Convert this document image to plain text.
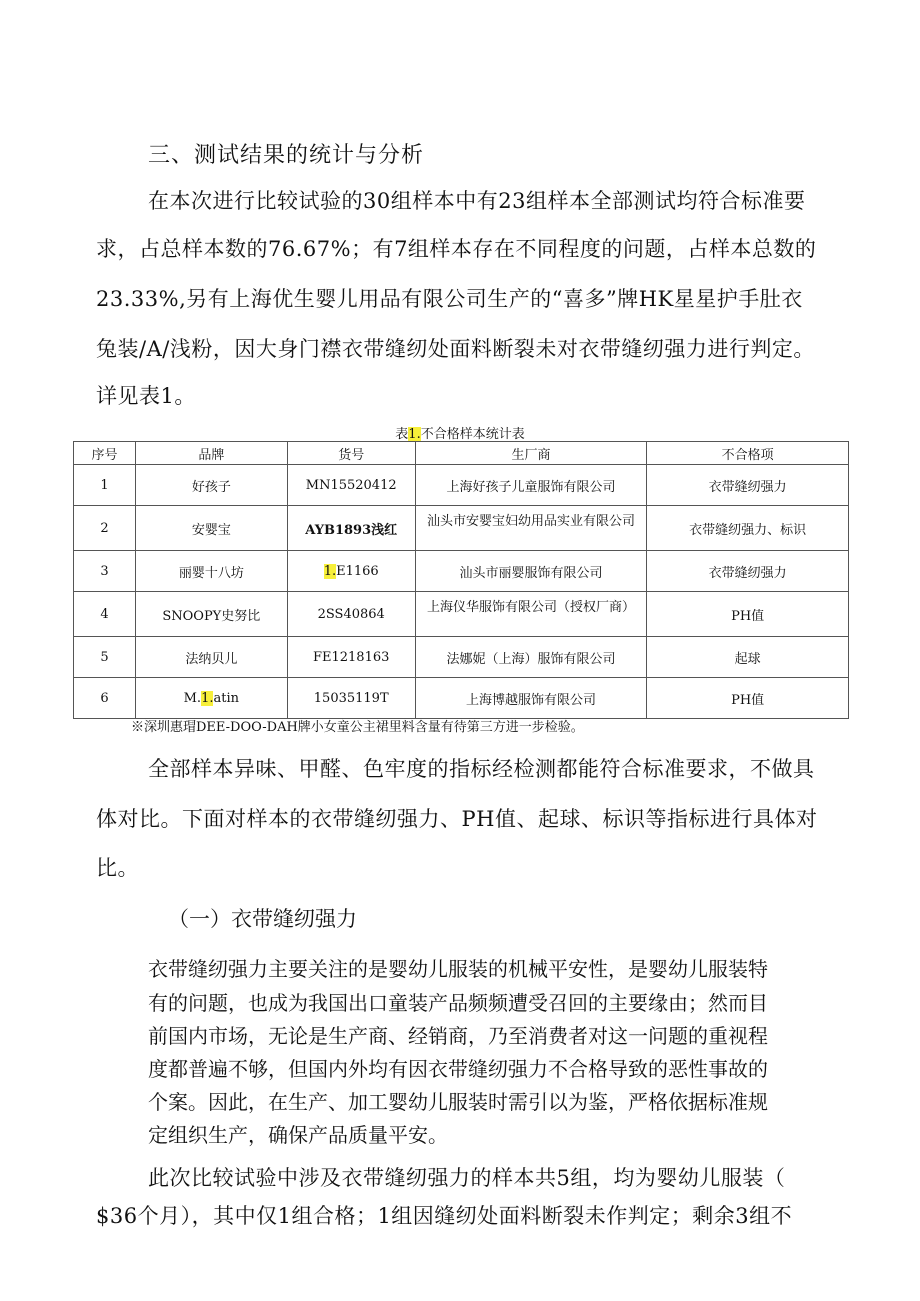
三、测试结果的统计与分析
在本次进行比较试验的30组样本中有23组样本全部测试均符合标准要
求，占总样本数的76.67%；有7组样本存在不同程度的问题，占样本总数的
23.33%,另有上海优生婴儿用品有限公司生产的“喜多”牌HK星星护手肚衣
兔装/A/浅粉，因大身门襟衣带缝纫处面料断裂未对衣带缝纫强力进行判定。
详见表1。
表1.不合格样本统计表
序号	品牌	货号	生厂商	不合格项
1	好孩子	MN15520412	上海好孩子儿童服饰有限公司	衣带缝纫强力
2	安婴宝	AYB1893浅红	汕头市安婴宝妇幼用品实业有限公司	衣带缝纫强力、标识
3	丽婴十八坊	1.E1166	汕头市丽婴服饰有限公司	衣带缝纫强力
4	SNOOPY史努比	2SS40864	上海仪华服饰有限公司（授权厂商）	PH值
5	法纳贝儿	FE1218163	法娜妮（上海）服饰有限公司	起球
6	M.1.atin	15035119T	上海博越服饰有限公司	PH值
※深圳惠瑁DEE-DOO-DAH牌小女童公主裙里料含量有待第三方进一步检验。
全部样本异味、甲醛、色牢度的指标经检测都能符合标准要求，不做具
体对比。下面对样本的衣带缝纫强力、PH值、起球、标识等指标进行具体对
比。
（一）衣带缝纫强力
衣带缝纫强力主要关注的是婴幼儿服装的机械平安性，是婴幼儿服装特
有的问题，也成为我国出口童装产品频频遭受召回的主要缘由；然而目
前国内市场，无论是生产商、经销商，乃至消费者对这一问题的重视程
度都普遍不够，但国内外均有因衣带缝纫强力不合格导致的恶性事故的
个案。因此，在生产、加工婴幼儿服装时需引以为鉴，严格依据标准规
定组织生产，确保产品质量平安。
此次比较试验中涉及衣带缝纫强力的样本共5组，均为婴幼儿服装（
$36个月），其中仅1组合格；1组因缝纫处面料断裂未作判定；剩余3组不
